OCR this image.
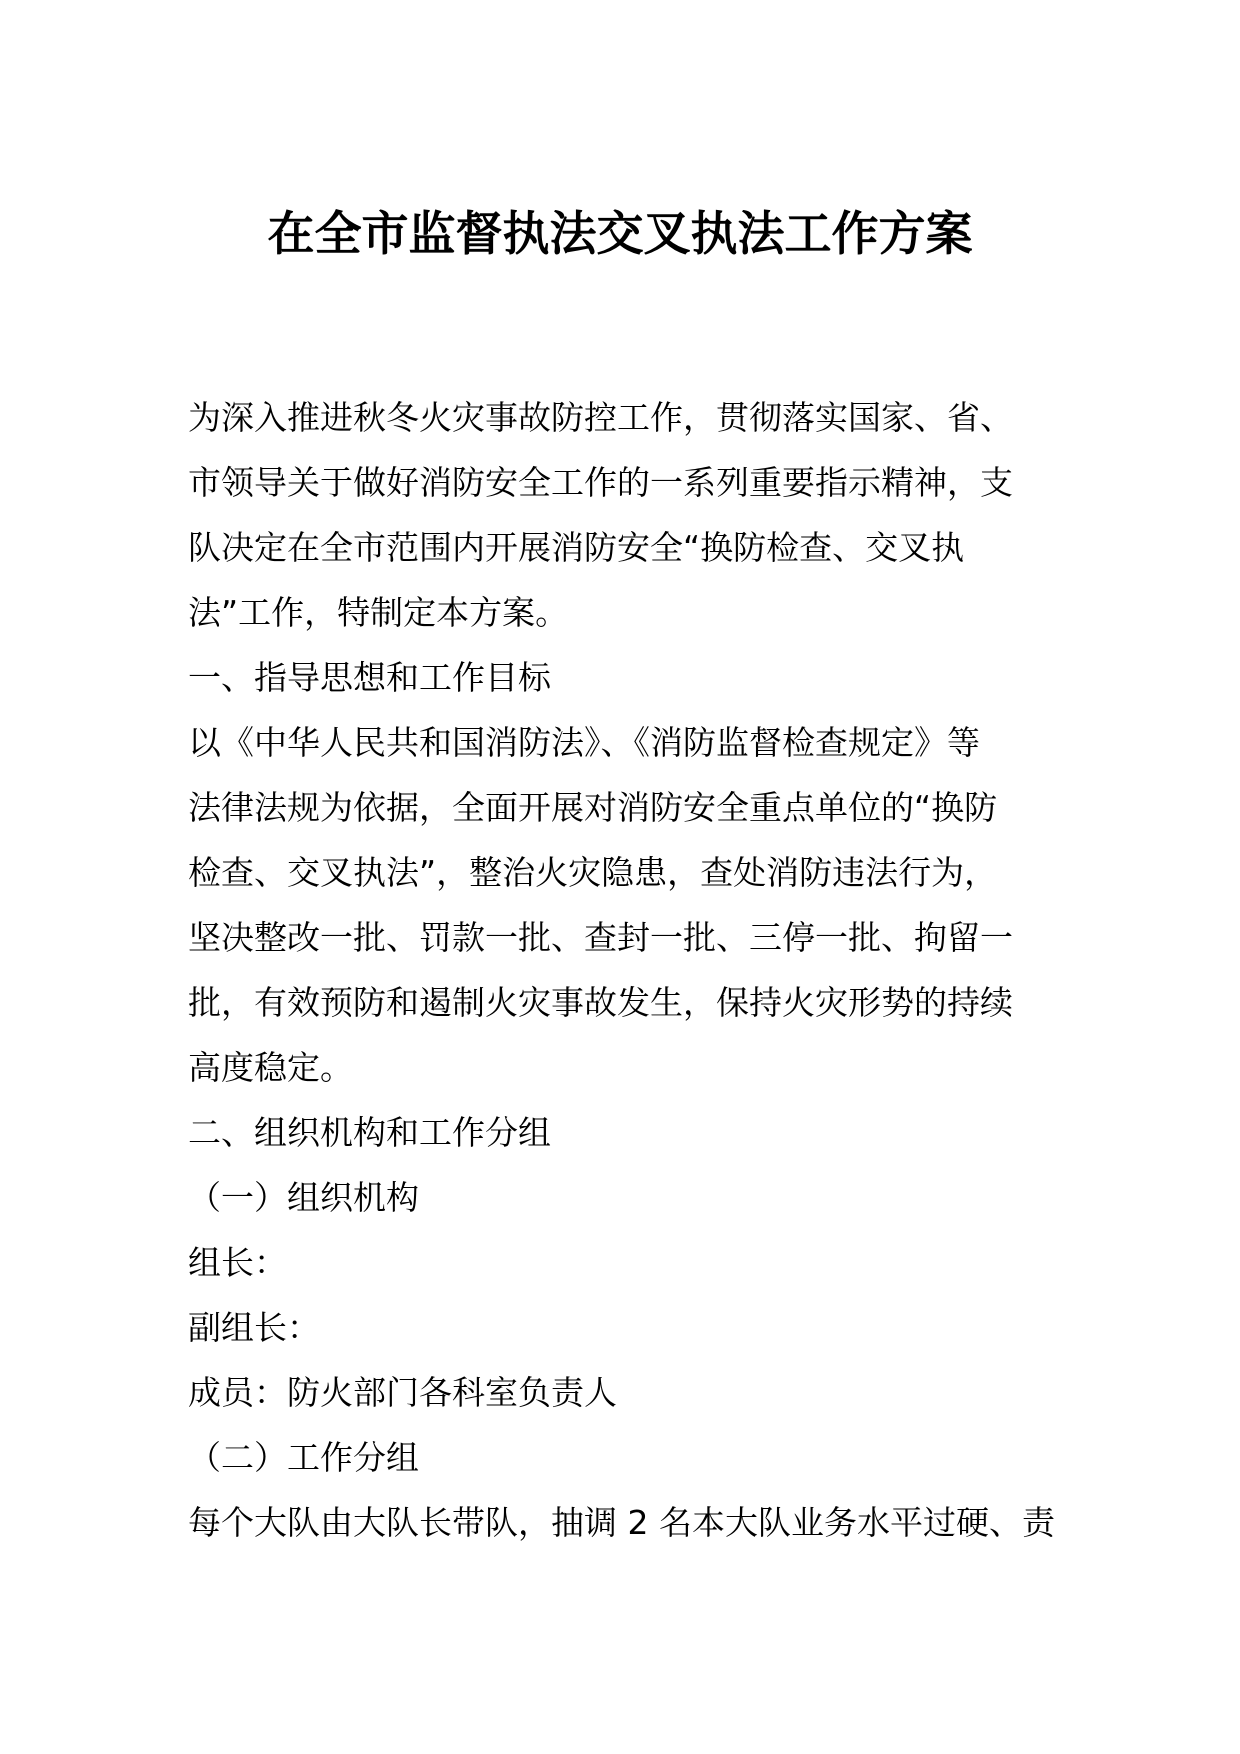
在全市监督执法交叉执法工作方案
为深入推进秋冬火灾事故防控工作，贯彻落实国家、省、
市领导关于做好消防安全工作的一系列重要指示精神，支
队决定在全市范围内开展消防安全“换防检查、交叉执
法”工作，特制定本方案。
一、指导思想和工作目标
以《中华人民共和国消防法》、《消防监督检查规定》等
法律法规为依据，全面开展对消防安全重点单位的“换防
检查、交叉执法”，整治火灾隐患，查处消防违法行为，
坚决整改一批、罚款一批、查封一批、三停一批、拘留一
批，有效预防和遏制火灾事故发生，保持火灾形势的持续
高度稳定。
二、组织机构和工作分组
（一）组织机构
组长：
副组长：
成员：防火部门各科室负责人
（二）工作分组
每个大队由大队长带队，抽调 2 名本大队业务水平过硬、责
